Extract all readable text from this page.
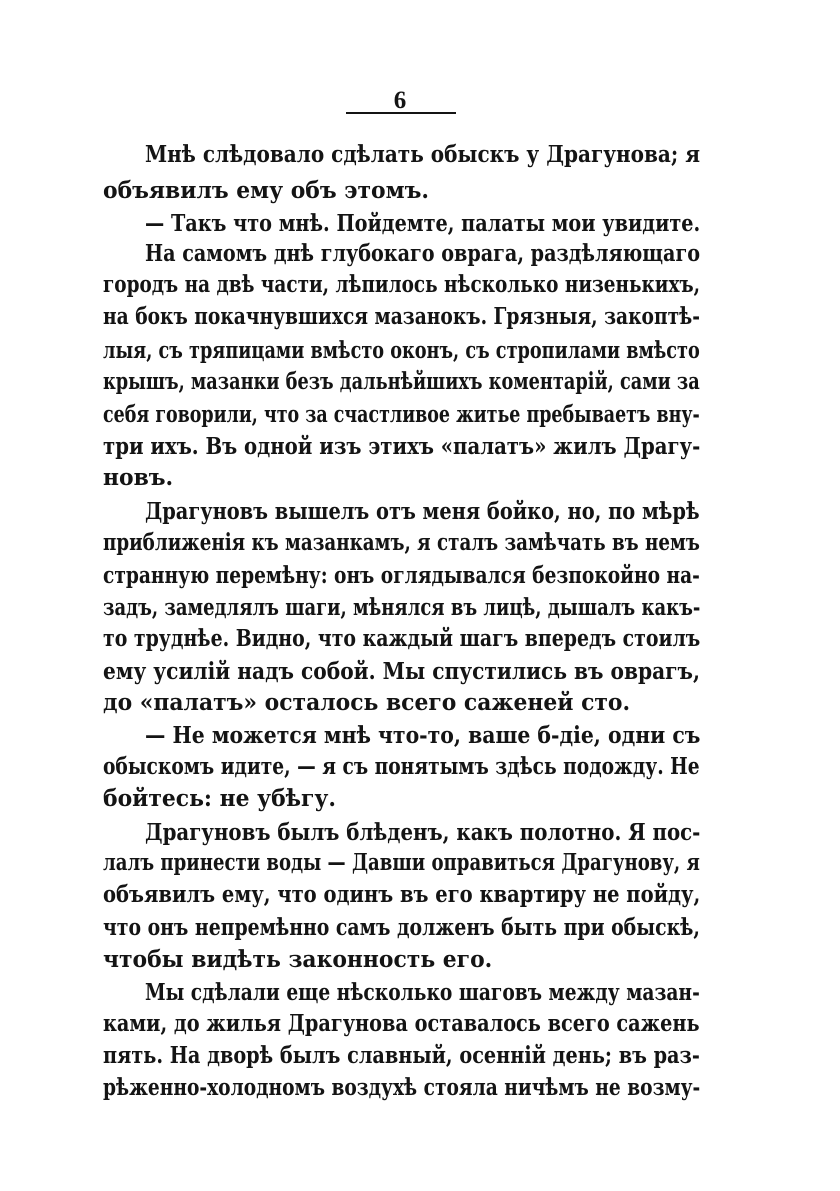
6
Мнѣ слѣдовало сдѣлать обыскъ у Драгунова; я
объявилъ ему объ этомъ.
— Такъ что мнѣ. Пойдемте, палаты мои увидите.
На самомъ днѣ глубокаго оврага, раздѣляющаго
городъ на двѣ части, лѣпилось нѣсколько низенькихъ,
на бокъ покачнувшихся мазанокъ. Грязныя, закоптѣ-
лыя, съ тряпицами вмѣсто оконъ, съ стропилами вмѣсто
крышъ, мазанки безъ дальнѣйшихъ коментарій, сами за
себя говорили, что за счастливое житье пребываетъ вну-
три ихъ. Въ одной изъ этихъ «палатъ» жилъ Драгу-
новъ.
Драгуновъ вышелъ отъ меня бойко, но, по мѣрѣ
приближенія къ мазанкамъ, я сталъ замѣчать въ немъ
странную перемѣну: онъ оглядывался безпокойно на-
задъ, замедлялъ шаги, мѣнялся въ лицѣ, дышалъ какъ-
то труднѣе. Видно, что каждый шагъ впередъ стоилъ
ему усилій надъ собой. Мы спустились въ оврагъ,
до «палатъ» осталось всего саженей сто.
— Не можется мнѣ что-то, ваше б-діе, одни съ
обыскомъ идите, — я съ понятымъ здѣсь подожду. Не
бойтесь: не убѣгу.
Драгуновъ былъ блѣденъ, какъ полотно. Я пос-
лалъ принести воды — Давши оправиться Драгунову, я
объявилъ ему, что одинъ въ его квартиру не пойду,
что онъ непремѣнно самъ долженъ быть при обыскѣ,
чтобы видѣть законность его.
Мы сдѣлали еще нѣсколько шаговъ между мазан-
ками, до жилья Драгунова оставалось всего сажень
пять. На дворѣ былъ славный, осенній день; въ раз-
рѣженно-холодномъ воздухѣ стояла ничѣмъ не возму-
